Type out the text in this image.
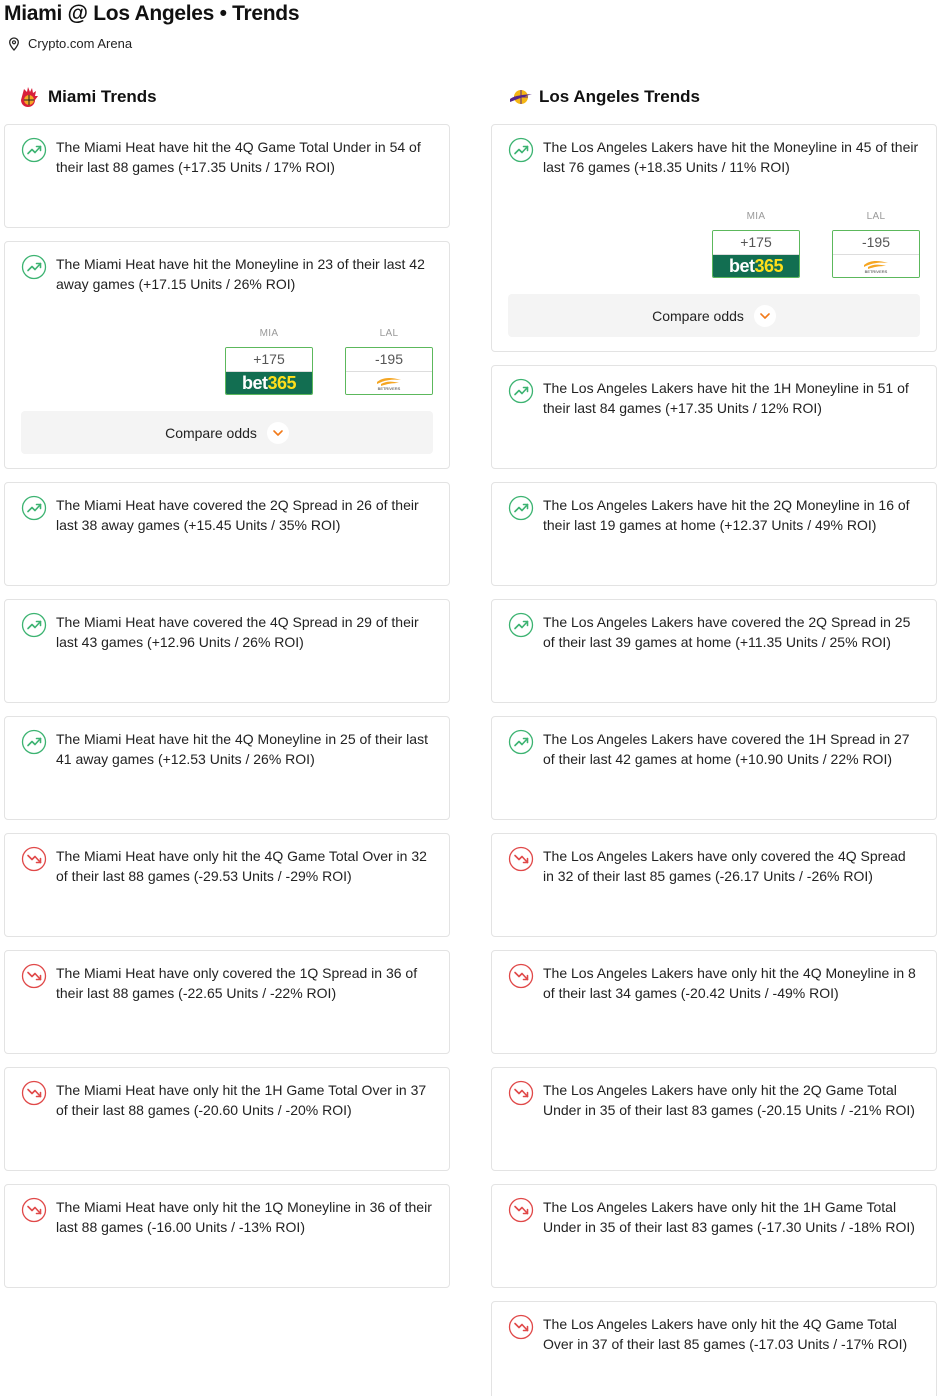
Miami @ Los Angeles • Trends
Crypto.com Arena
Miami Trends
The Miami Heat have hit the 4Q Game Total Under in 54 of their last 88 games (+17.35 Units / 17% ROI)
The Miami Heat have hit the Moneyline in 23 of their last 42 away games (+17.15 Units / 26% ROI)
MIA
+175
bet 365
LAL
-195
BETRIVERS
Compare odds
The Miami Heat have covered the 2Q Spread in 26 of their last 38 away games (+15.45 Units / 35% ROI)
The Miami Heat have covered the 4Q Spread in 29 of their last 43 games (+12.96 Units / 26% ROI)
The Miami Heat have hit the 4Q Moneyline in 25 of their last 41 away games (+12.53 Units / 26% ROI)
The Miami Heat have only hit the 4Q Game Total Over in 32 of their last 88 games (-29.53 Units / -29% ROI)
The Miami Heat have only covered the 1Q Spread in 36 of their last 88 games (-22.65 Units / -22% ROI)
The Miami Heat have only hit the 1H Game Total Over in 37 of their last 88 games (-20.60 Units / -20% ROI)
The Miami Heat have only hit the 1Q Moneyline in 36 of their last 88 games (-16.00 Units / -13% ROI)
Los Angeles Trends
The Los Angeles Lakers have hit the Moneyline in 45 of their last 76 games (+18.35 Units / 11% ROI)
MIA
+175
bet 365
LAL
-195
BETRIVERS
Compare odds
The Los Angeles Lakers have hit the 1H Moneyline in 51 of their last 84 games (+17.35 Units / 12% ROI)
The Los Angeles Lakers have hit the 2Q Moneyline in 16 of their last 19 games at home (+12.37 Units / 49% ROI)
The Los Angeles Lakers have covered the 2Q Spread in 25 of their last 39 games at home (+11.35 Units / 25% ROI)
The Los Angeles Lakers have covered the 1H Spread in 27 of their last 42 games at home (+10.90 Units / 22% ROI)
The Los Angeles Lakers have only covered the 4Q Spread in 32 of their last 85 games (-26.17 Units / -26% ROI)
The Los Angeles Lakers have only hit the 4Q Moneyline in 8 of their last 34 games (-20.42 Units / -49% ROI)
The Los Angeles Lakers have only hit the 2Q Game Total Under in 35 of their last 83 games (-20.15 Units / -21% ROI)
The Los Angeles Lakers have only hit the 1H Game Total Under in 35 of their last 83 games (-17.30 Units / -18% ROI)
The Los Angeles Lakers have only hit the 4Q Game Total Over in 37 of their last 85 games (-17.03 Units / -17% ROI)
